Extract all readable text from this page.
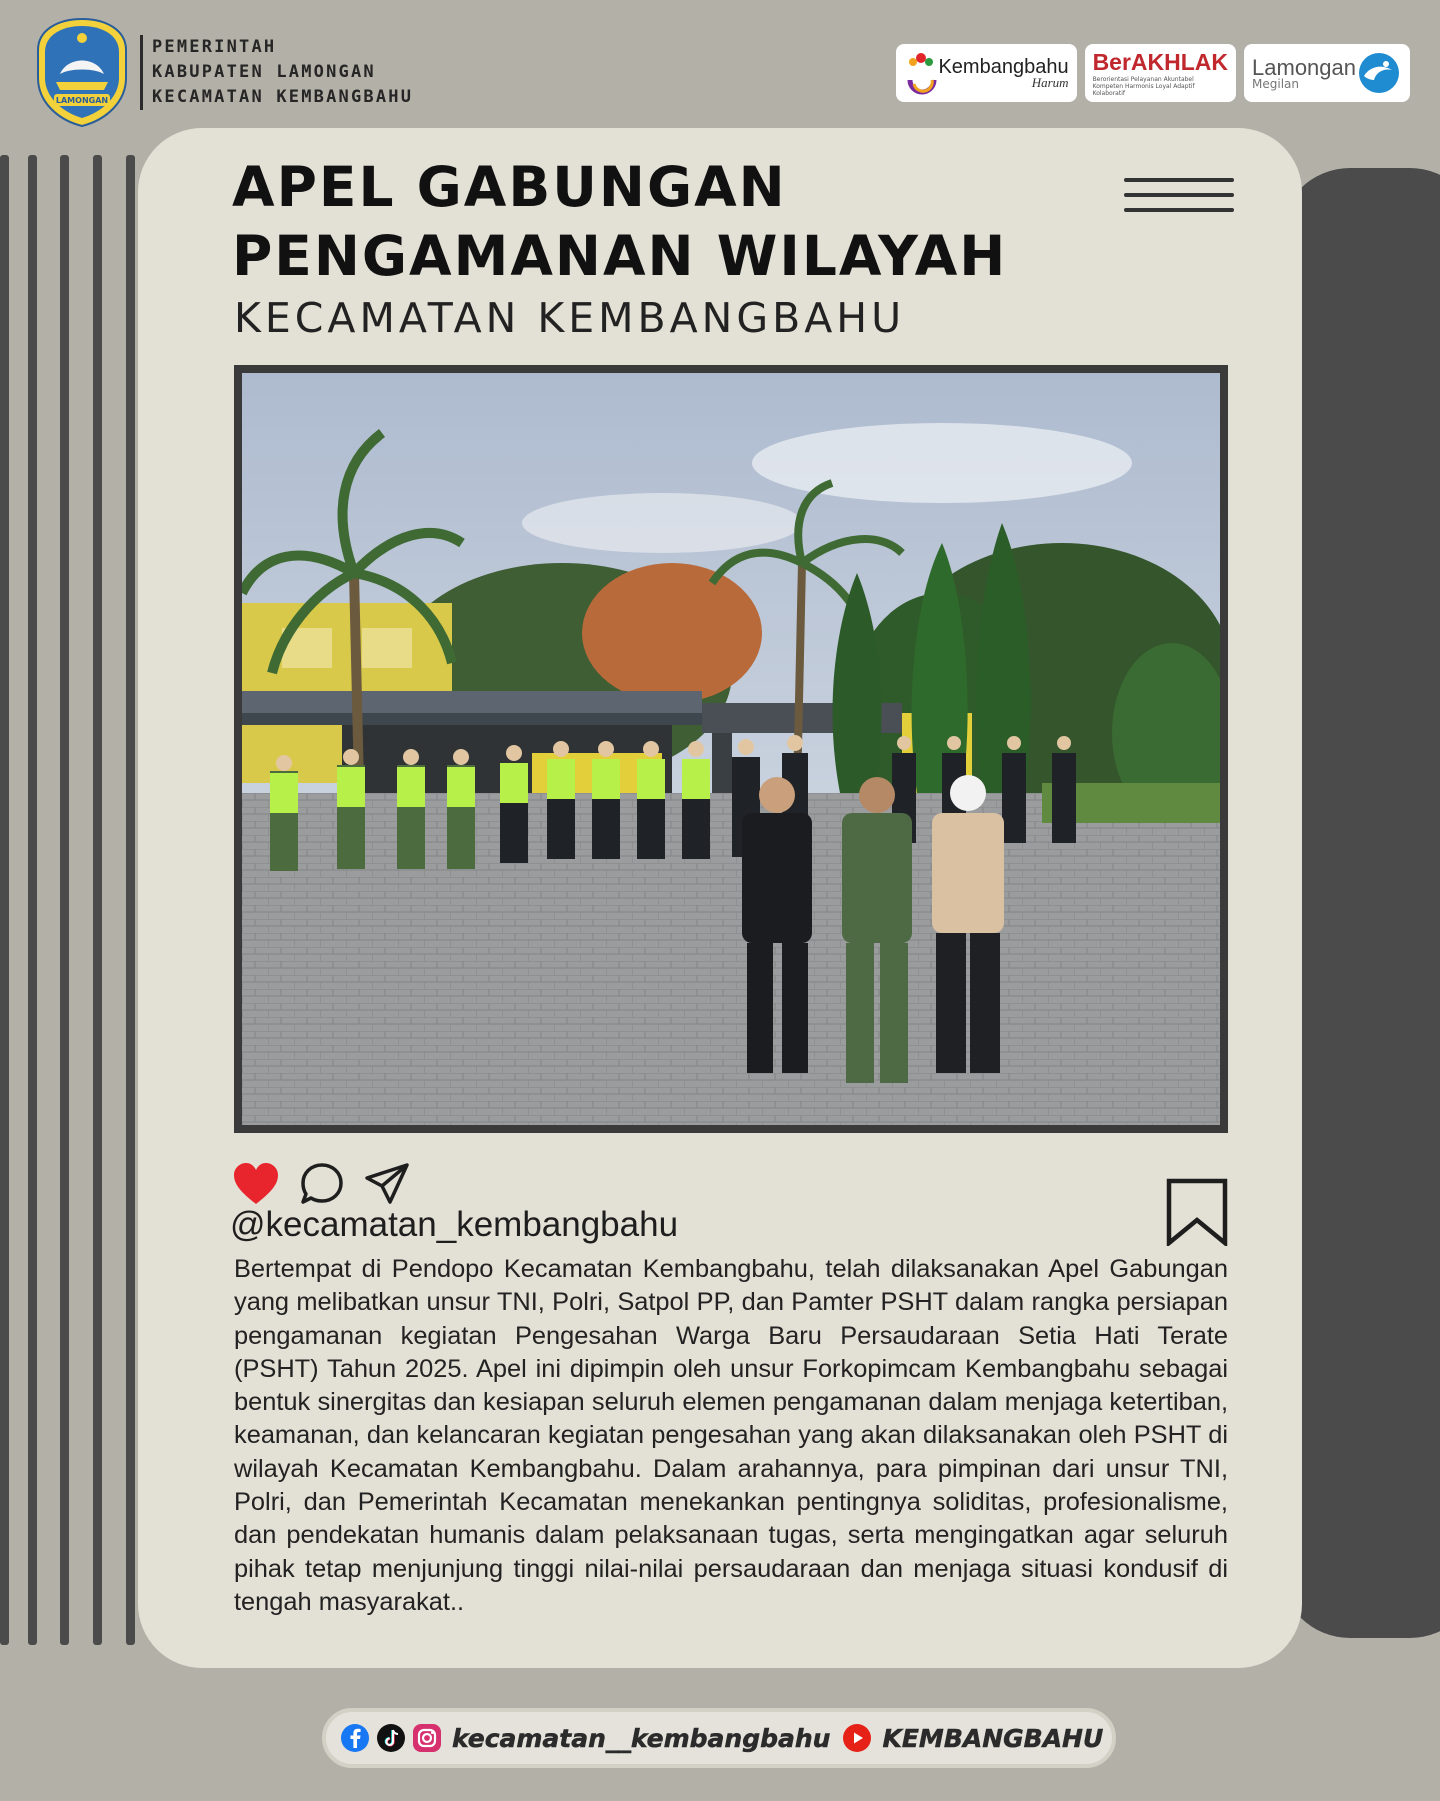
LAMONGAN
PEMERINTAH
KABUPATEN LAMONGAN
KECAMATAN KEMBANGBAHU
Kembangbahu
Harum
BerAKHLAK
Berorientasi Pelayanan Akuntabel Kompeten Harmonis Loyal Adaptif Kolaboratif
Lamongan
Megilan
APEL GABUNGAN
PENGAMANAN WILAYAH
KECAMATAN KEMBANGBAHU
@kecamatan_kembangbahu

Bertempat di Pendopo Kecamatan Kembangbahu, telah dilaksanakan Apel Gabungan yang melibatkan unsur TNI, Polri, Satpol PP, dan Pamter PSHT dalam rangka persiapan pengamanan kegiatan Pengesahan Warga Baru Persaudaraan Setia Hati Terate (PSHT) Tahun 2025. Apel ini dipimpin oleh unsur Forkopimcam Kembangbahu sebagai bentuk sinergitas dan kesiapan seluruh elemen pengamanan dalam menjaga ketertiban, keamanan, dan kelancaran kegiatan pengesahan yang akan dilaksanakan oleh PSHT di wilayah Kecamatan Kembangbahu. Dalam arahannya, para pimpinan dari unsur TNI, Polri, dan Pemerintah Kecamatan menekankan pentingnya soliditas, profesionalisme, dan pendekatan humanis dalam pelaksanaan tugas, serta mengingatkan agar seluruh pihak tetap menjunjung tinggi nilai-nilai persaudaraan dan menjaga situasi kondusif di tengah masyarakat..

kecamatan__kembangbahu KEMBANGBAHU
